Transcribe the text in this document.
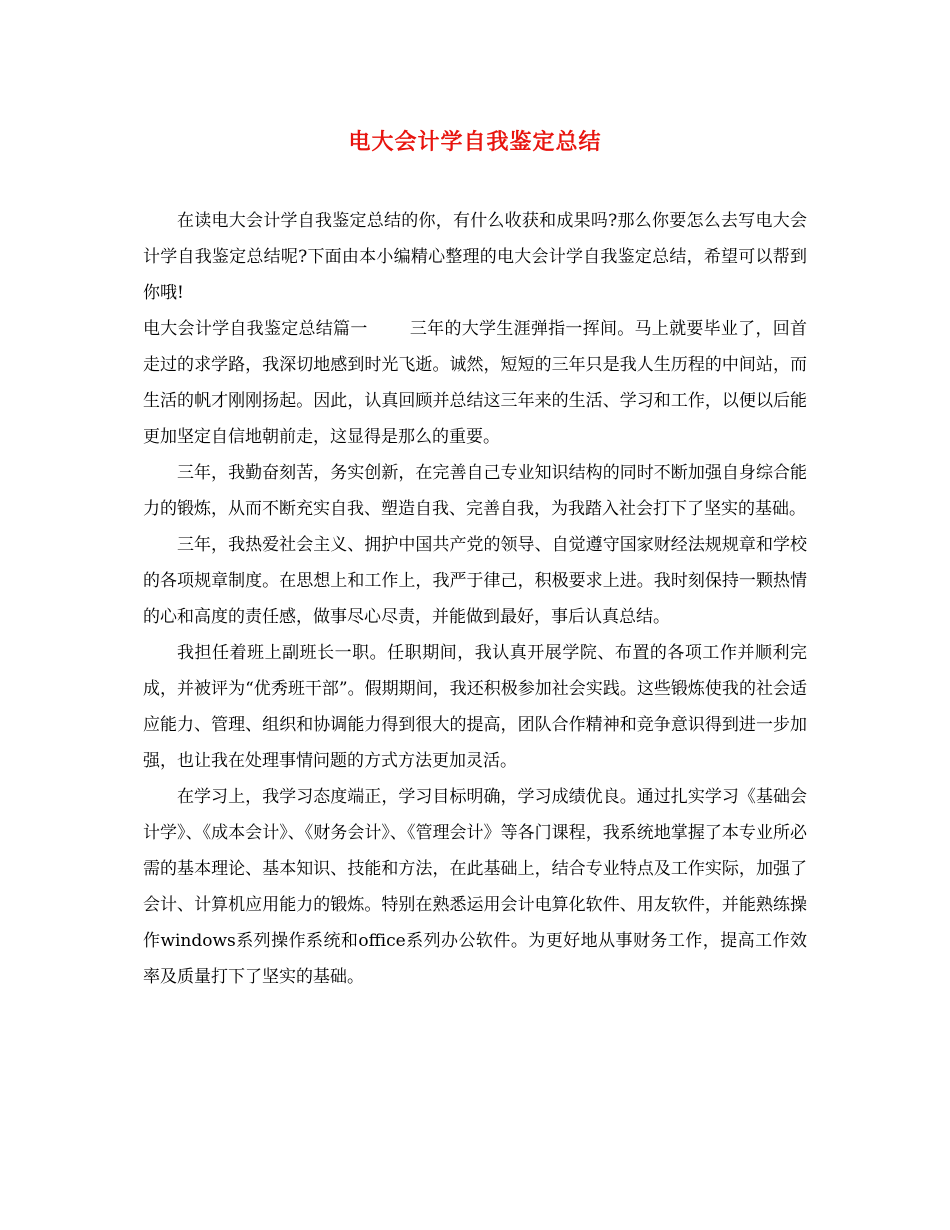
电大会计学自我鉴定总结

在读电大会计学自我鉴定总结的你，有什么收获和成果吗?那么你要怎么去写电大会计学自我鉴定总结呢?下面由本小编精心整理的电大会计学自我鉴定总结，希望可以帮到你哦!

电大会计学自我鉴定总结篇一 三年的大学生涯弹指一挥间。马上就要毕业了，回首走过的求学路，我深切地感到时光飞逝。诚然，短短的三年只是我人生历程的中间站，而生活的帆才刚刚扬起。因此，认真回顾并总结这三年来的生活、学习和工作，以便以后能更加坚定自信地朝前走，这显得是那么的重要。

三年，我勤奋刻苦，务实创新，在完善自己专业知识结构的同时不断加强自身综合能力的锻炼，从而不断充实自我、塑造自我、完善自我，为我踏入社会打下了坚实的基础。

三年，我热爱社会主义、拥护中国共产党的领导、自觉遵守国家财经法规规章和学校的各项规章制度。在思想上和工作上，我严于律己，积极要求上进。我时刻保持一颗热情的心和高度的责任感，做事尽心尽责，并能做到最好，事后认真总结。

我担任着班上副班长一职。任职期间，我认真开展学院、布置的各项工作并顺利完成，并被评为“优秀班干部”。假期期间，我还积极参加社会实践。这些锻炼使我的社会适应能力、管理、组织和协调能力得到很大的提高，团队合作精神和竞争意识得到进一步加强，也让我在处理事情问题的方式方法更加灵活。

在学习上，我学习态度端正，学习目标明确，学习成绩优良。通过扎实学习《基础会计学》、《成本会计》、《财务会计》、《管理会计》等各门课程，我系统地掌握了本专业所必需的基本理论、基本知识、技能和方法，在此基础上，结合专业特点及工作实际，加强了会计、计算机应用能力的锻炼。特别在熟悉运用会计电算化软件、用友软件，并能熟练操作windows系列操作系统和office系列办公软件。为更好地从事财务工作，提高工作效率及质量打下了坚实的基础。
